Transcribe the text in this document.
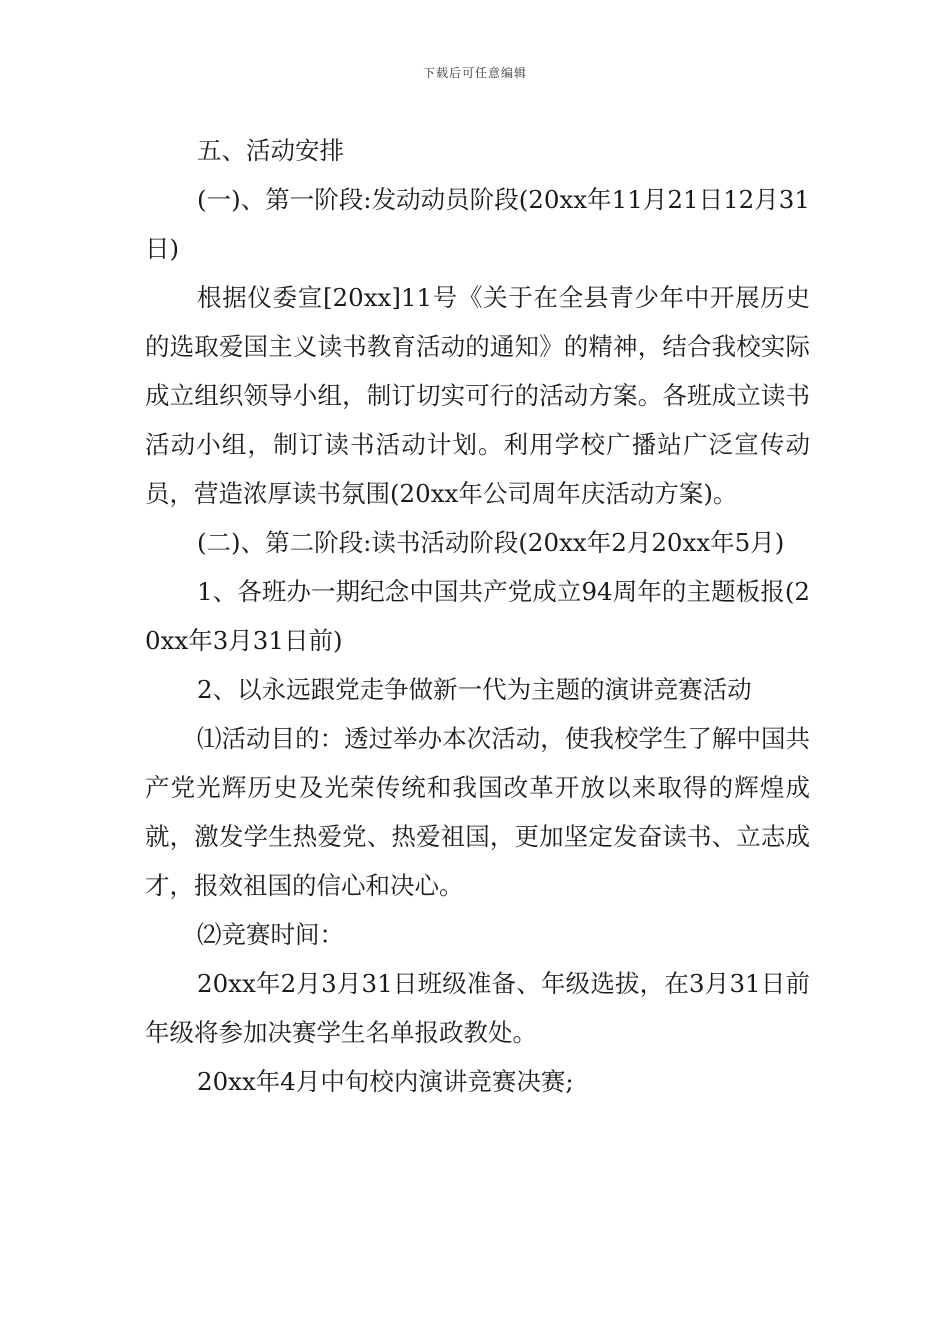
下载后可任意编辑

五、活动安排

(一)、第一阶段:发动动员阶段(20xx年11月21日12月31日)

根据仪委宣[20xx]11号《关于在全县青少年中开展历史的选取爱国主义读书教育活动的通知》的精神，结合我校实际成立组织领导小组，制订切实可行的活动方案。各班成立读书活动小组，制订读书活动计划。利用学校广播站广泛宣传动员，营造浓厚读书氛围(20xx年公司周年庆活动方案)。

(二)、第二阶段:读书活动阶段(20xx年2月20xx年5月)

1、各班办一期纪念中国共产党成立94周年的主题板报(20xx年3月31日前)

2、以永远跟党走争做新一代为主题的演讲竞赛活动

⑴活动目的：透过举办本次活动，使我校学生了解中国共产党光辉历史及光荣传统和我国改革开放以来取得的辉煌成就，激发学生热爱党、热爱祖国，更加坚定发奋读书、立志成才，报效祖国的信心和决心。

⑵竞赛时间：

20xx年2月3月31日班级准备、年级选拔，在3月31日前年级将参加决赛学生名单报政教处。

20xx年4月中旬校内演讲竞赛决赛;
